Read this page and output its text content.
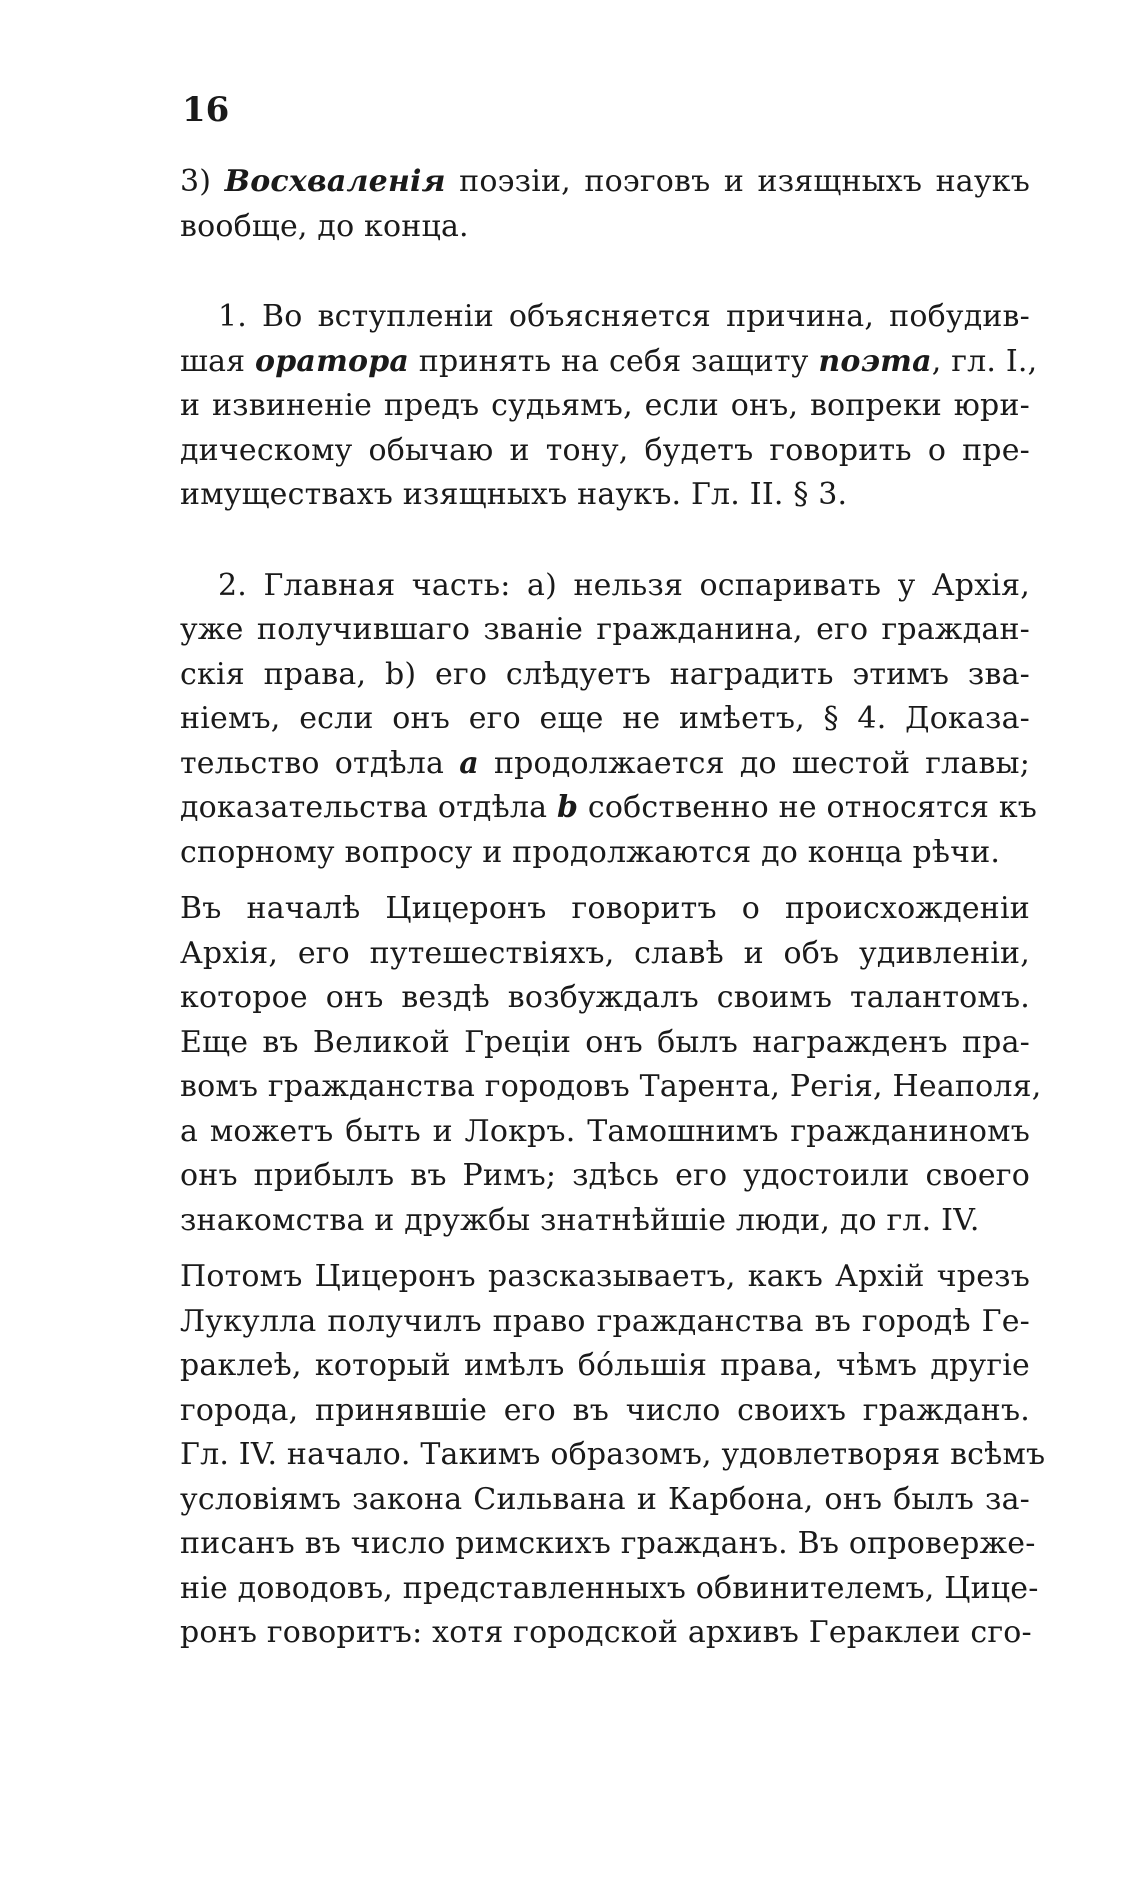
16
3) Восхваленія поэзіи, поэговъ и изящныхъ наукъ
вообще, до конца.
1. Во вступленіи объясняется причина, побудив-
шая оратора принять на себя защиту поэта, гл. I.,
и извиненіе предъ судьямъ, если онъ, вопреки юри-
дическому обычаю и тону, будетъ говорить о пре-
имуществахъ изящныхъ наукъ. Гл. II. § 3.
2. Главная часть: a) нельзя оспаривать у Архія,
уже получившаго званіе гражданина, его граждан-
скія права, b) его слѣдуетъ наградить этимъ зва-
ніемъ, если онъ его еще не имѣетъ, § 4. Доказа-
тельство отдѣла a продолжается до шестой главы;
доказательства отдѣла b собственно не относятся къ
спорному вопросу и продолжаются до конца рѣчи.
Въ началѣ Цицеронъ говоритъ о происхожденіи
Архія, его путешествіяхъ, славѣ и объ удивленіи,
которое онъ вездѣ возбуждалъ своимъ талантомъ.
Еще въ Великой Греціи онъ былъ награжденъ пра-
вомъ гражданства городовъ Тарента, Регія, Неаполя,
а можетъ быть и Локръ. Тамошнимъ гражданиномъ
онъ прибылъ въ Римъ; здѣсь его удостоили своего
знакомства и дружбы знатнѣйшіе люди, до гл. IV.
Потомъ Цицеронъ разсказываетъ, какъ Архій чрезъ
Лукулла получилъ право гражданства въ городѣ Ге-
раклеѣ, который имѣлъ бóльшія права, чѣмъ другіе
города, принявшіе его въ число своихъ гражданъ.
Гл. IV. начало. Такимъ образомъ, удовлетворяя всѣмъ
условіямъ закона Сильвана и Карбона, онъ былъ за-
писанъ въ число римскихъ гражданъ. Въ опроверже-
ніе доводовъ, представленныхъ обвинителемъ, Цице-
ронъ говоритъ: хотя городской архивъ Гераклеи сго-
